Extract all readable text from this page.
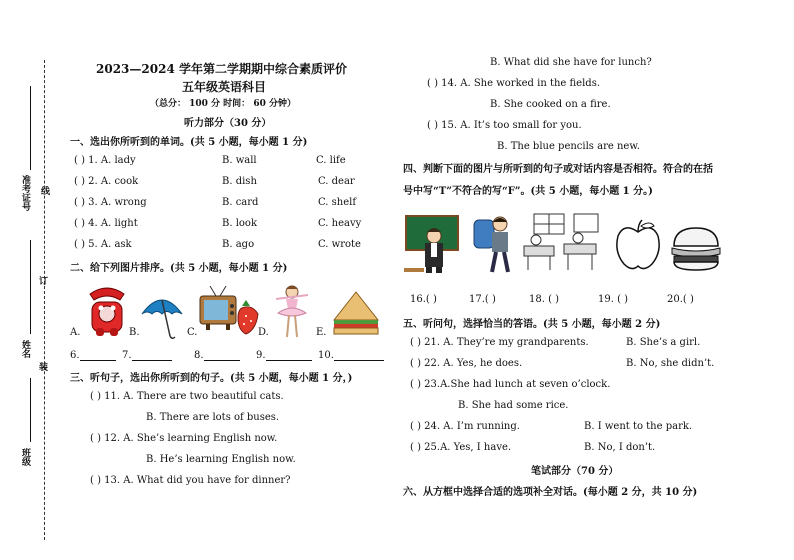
准考证号 线
订
姓名
装
班级
2023—2024 学年第二学期期中综合素质评价
五年级英语科目
（总分： 100 分 时间： 60 分钟）
听力部分（30 分）
一、选出你所听到的单词。(共 5 小题，每小题 1 分)
( ) 1. A. lady	B. wall	C. life
( ) 2. A. cook	B. dish	C. dear
( ) 3. A. wrong	B. card	C. shelf
( ) 4. A. light	B. look	C. heavy
( ) 5. A. ask	B. ago	C. wrote
二、给下列图片排序。(共 5 小题，每小题 1 分)
A.	B.	C.	D.	E.
6.	7.	8.	9.	10.
三、听句子，选出你所听到的句子。(共 5 小题，每小题 1 分，)
( ) 11. A. There are two beautiful cats.
B. There are lots of buses.
( ) 12. A. She’s learning English now.
B. He’s learning English now.
( ) 13. A. What did you have for dinner?
B. What did she have for lunch?
( ) 14. A. She worked in the fields.
B. She cooked on a fire.
( ) 15. A. It’s too small for you.
B. The blue pencils are new.
四、判断下面的图片与所听到的句子或对话内容是否相符。符合的在括
号中写“T”不符合的写“F”。(共 5 小题，每小题 1 分。)
16.( )	17.( )	18. ( )	19. ( )	20.( )
五、听问句，选择恰当的答语。(共 5 小题，每小题 2 分)
( ) 21. A. They’re my grandparents.	B. She’s a girl.
( ) 22. A. Yes, he does.	B. No, she didn’t.
( ) 23.A.She had lunch at seven o’clock.
B. She had some rice.
( ) 24. A. I’m running.	B. I went to the park.
( ) 25.A. Yes, I have.	B. No, I don’t.
笔试部分（70 分）
六、从方框中选择合适的选项补全对话。(每小题 2 分，共 10 分)
